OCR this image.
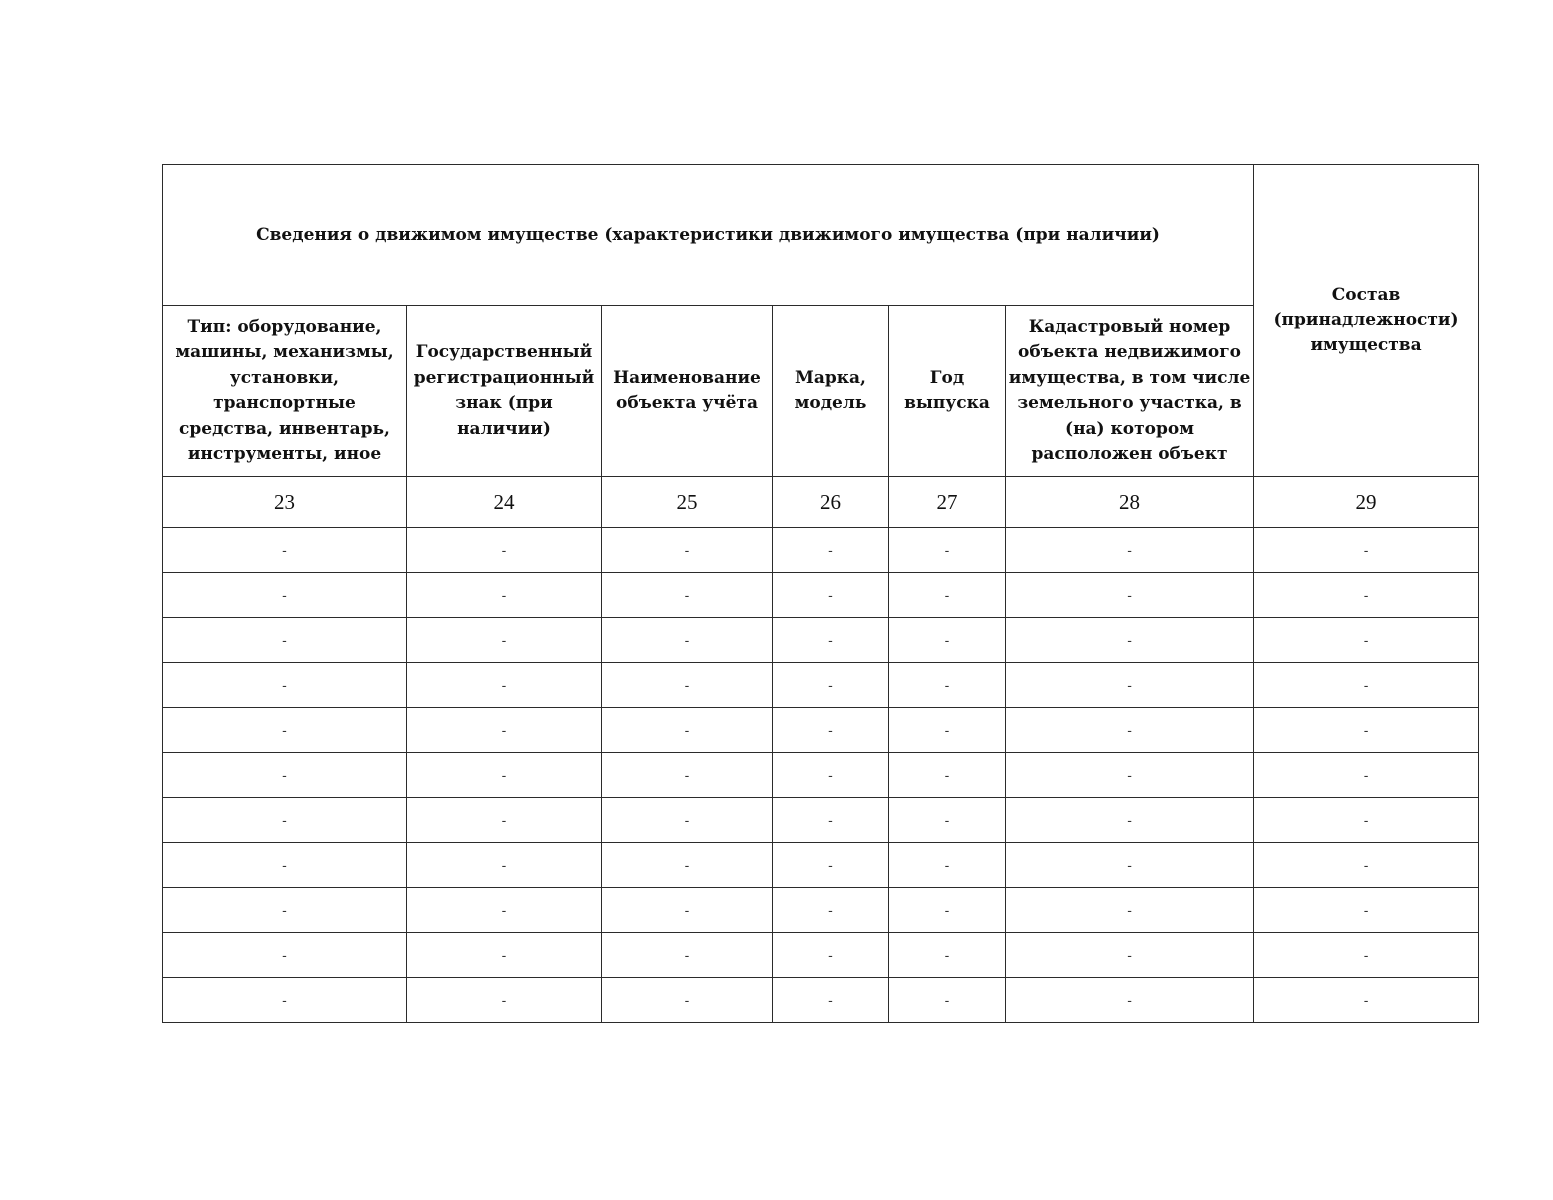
Сведения о движимом имуществе (характеристики движимого имущества (при наличии)						Состав (принадлежности) имущества
Тип: оборудование, машины, механизмы, установки, транспортные средства, инвентарь, инструменты, иное	Государственный регистрационный знак (при наличии)	Наименование объекта учёта	Марка, модель	Год выпуска	Кадастровый номер объекта недвижимого имущества, в том числе земельного участка, в (на) котором расположен объект	
23	24	25	26	27	28	29
-	-	-	-	-	-	-
-	-	-	-	-	-	-
-	-	-	-	-	-	-
-	-	-	-	-	-	-
-	-	-	-	-	-	-
-	-	-	-	-	-	-
-	-	-	-	-	-	-
-	-	-	-	-	-	-
-	-	-	-	-	-	-
-	-	-	-	-	-	-
-	-	-	-	-	-	-
